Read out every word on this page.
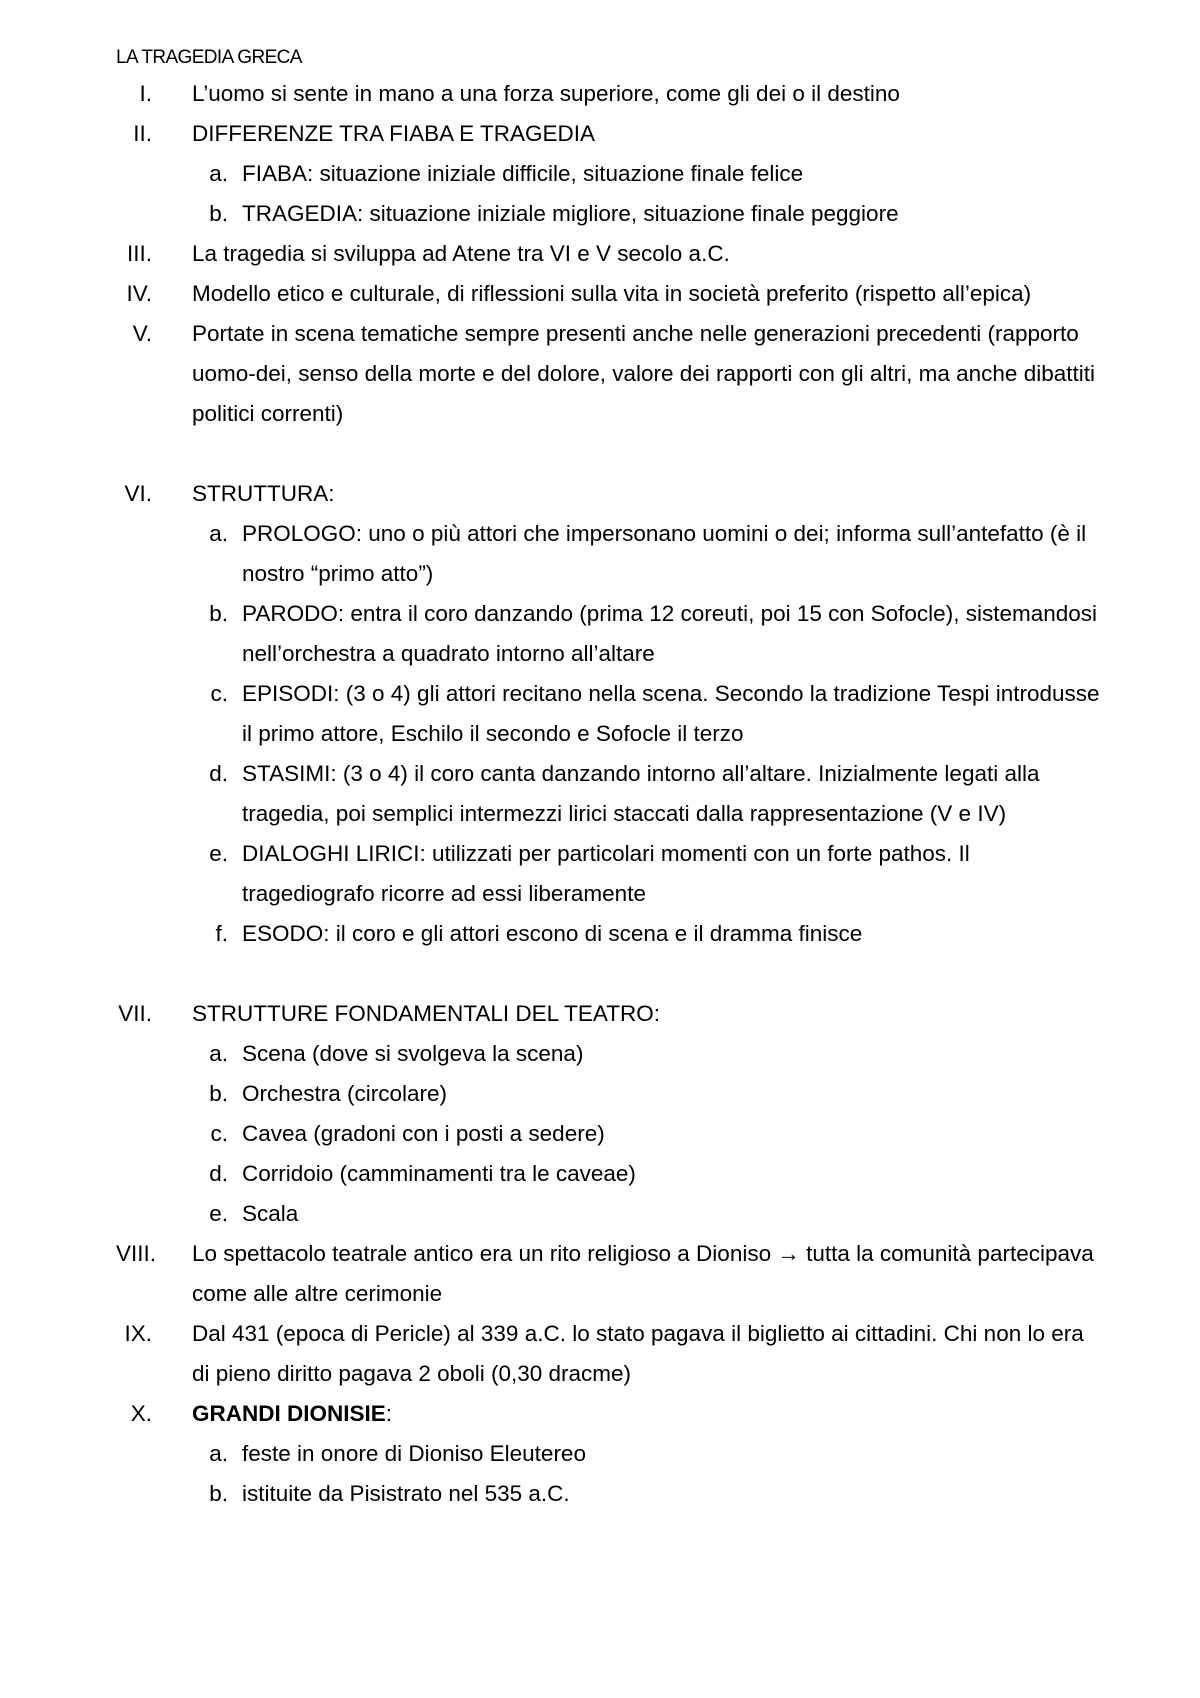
LA TRAGEDIA GRECA
I. L’uomo si sente in mano a una forza superiore, come gli dei o il destino
II. DIFFERENZE TRA FIABA E TRAGEDIA
a. FIABA: situazione iniziale difficile, situazione finale felice
b. TRAGEDIA: situazione iniziale migliore, situazione finale peggiore
III. La tragedia si sviluppa ad Atene tra VI e V secolo a.C.
IV. Modello etico e culturale, di riflessioni sulla vita in società preferito (rispetto all’epica)
V. Portate in scena tematiche sempre presenti anche nelle generazioni precedenti (rapporto uomo-dei, senso della morte e del dolore, valore dei rapporti con gli altri, ma anche dibattiti politici correnti)
VI. STRUTTURA:
a. PROLOGO: uno o più attori che impersonano uomini o dei; informa sull’antefatto (è il nostro “primo atto”)
b. PARODO: entra il coro danzando (prima 12 coreuti, poi 15 con Sofocle), sistemandosi nell’orchestra a quadrato intorno all’altare
c. EPISODI: (3 o 4) gli attori recitano nella scena. Secondo la tradizione Tespi introdusse il primo attore, Eschilo il secondo e Sofocle il terzo
d. STASIMI: (3 o 4) il coro canta danzando intorno all’altare. Inizialmente legati alla tragedia, poi semplici intermezzi lirici staccati dalla rappresentazione (V e IV)
e. DIALOGHI LIRICI: utilizzati per particolari momenti con un forte pathos. Il tragediografo ricorre ad essi liberamente
f. ESODO: il coro e gli attori escono di scena e il dramma finisce
VII. STRUTTURE FONDAMENTALI DEL TEATRO:
a. Scena (dove si svolgeva la scena)
b. Orchestra (circolare)
c. Cavea (gradoni con i posti a sedere)
d. Corridoio (camminamenti tra le caveae)
e. Scala
VIII. Lo spettacolo teatrale antico era un rito religioso a Dioniso → tutta la comunità partecipava come alle altre cerimonie
IX. Dal 431 (epoca di Pericle) al 339 a.C. lo stato pagava il biglietto ai cittadini. Chi non lo era di pieno diritto pagava 2 oboli (0,30 dracme)
X. GRANDI DIONISIE:
a. feste in onore di Dioniso Eleutereo
b. istituite da Pisistrato nel 535 a.C.
